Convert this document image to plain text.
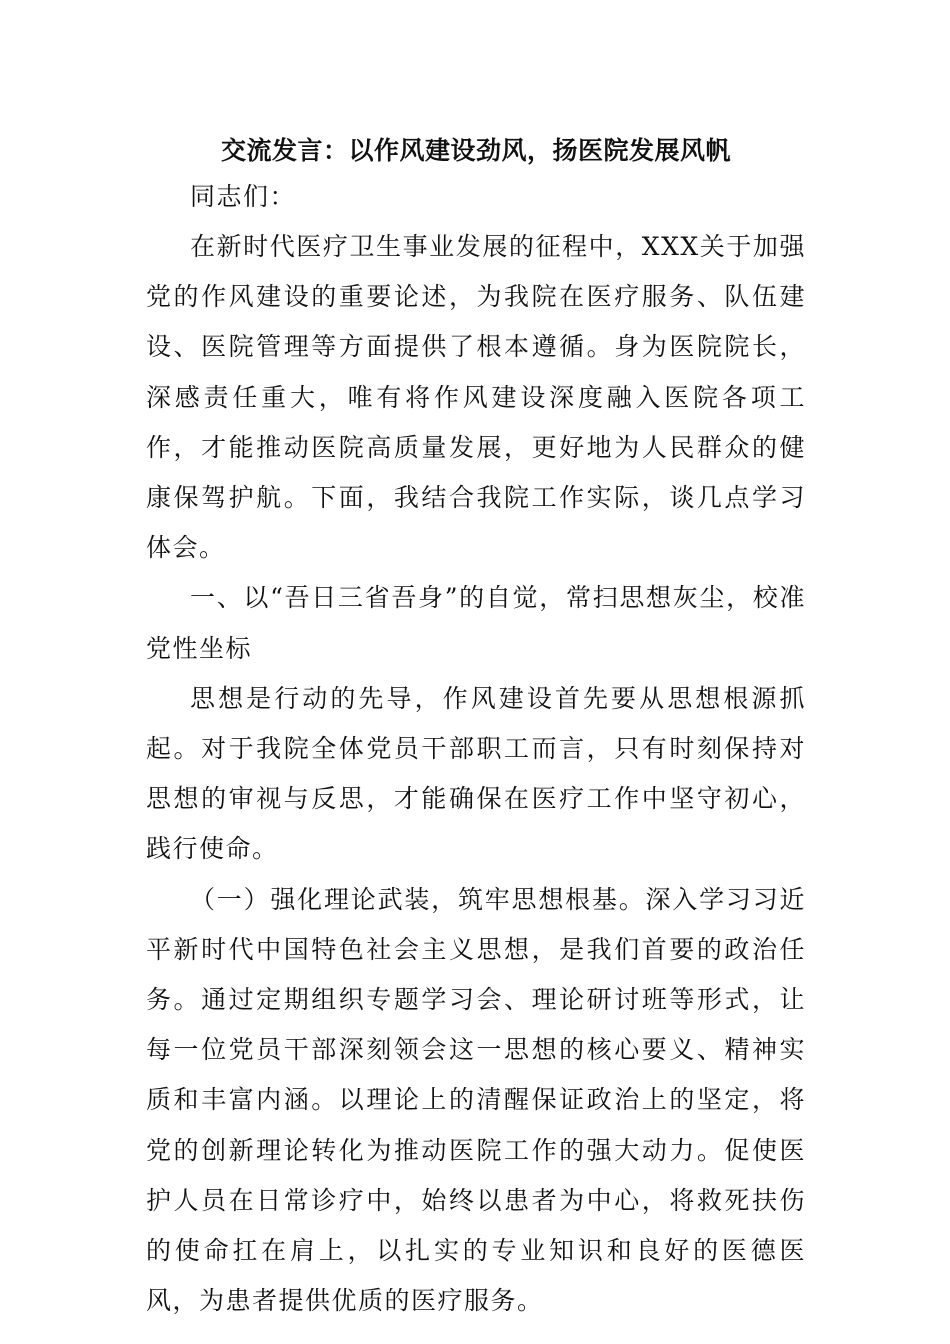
交流发言：以作风建设劲风，扬医院发展风帆

同志们：

在新时代医疗卫生事业发展的征程中，XXX关于加强党的作风建设的重要论述，为我院在医疗服务、队伍建设、医院管理等方面提供了根本遵循。身为医院院长，深感责任重大，唯有将作风建设深度融入医院各项工作，才能推动医院高质量发展，更好地为人民群众的健康保驾护航。下面，我结合我院工作实际，谈几点学习体会。

一、以“吾日三省吾身”的自觉，常扫思想灰尘，校准党性坐标

思想是行动的先导，作风建设首先要从思想根源抓起。对于我院全体党员干部职工而言，只有时刻保持对思想的审视与反思，才能确保在医疗工作中坚守初心，践行使命。

（一）强化理论武装，筑牢思想根基。深入学习习近平新时代中国特色社会主义思想，是我们首要的政治任务。通过定期组织专题学习会、理论研讨班等形式，让每一位党员干部深刻领会这一思想的核心要义、精神实质和丰富内涵。以理论上的清醒保证政治上的坚定，将党的创新理论转化为推动医院工作的强大动力。促使医护人员在日常诊疗中，始终以患者为中心，将救死扶伤的使命扛在肩上，以扎实的专业知识和良好的医德医风，为患者提供优质的医疗服务。
